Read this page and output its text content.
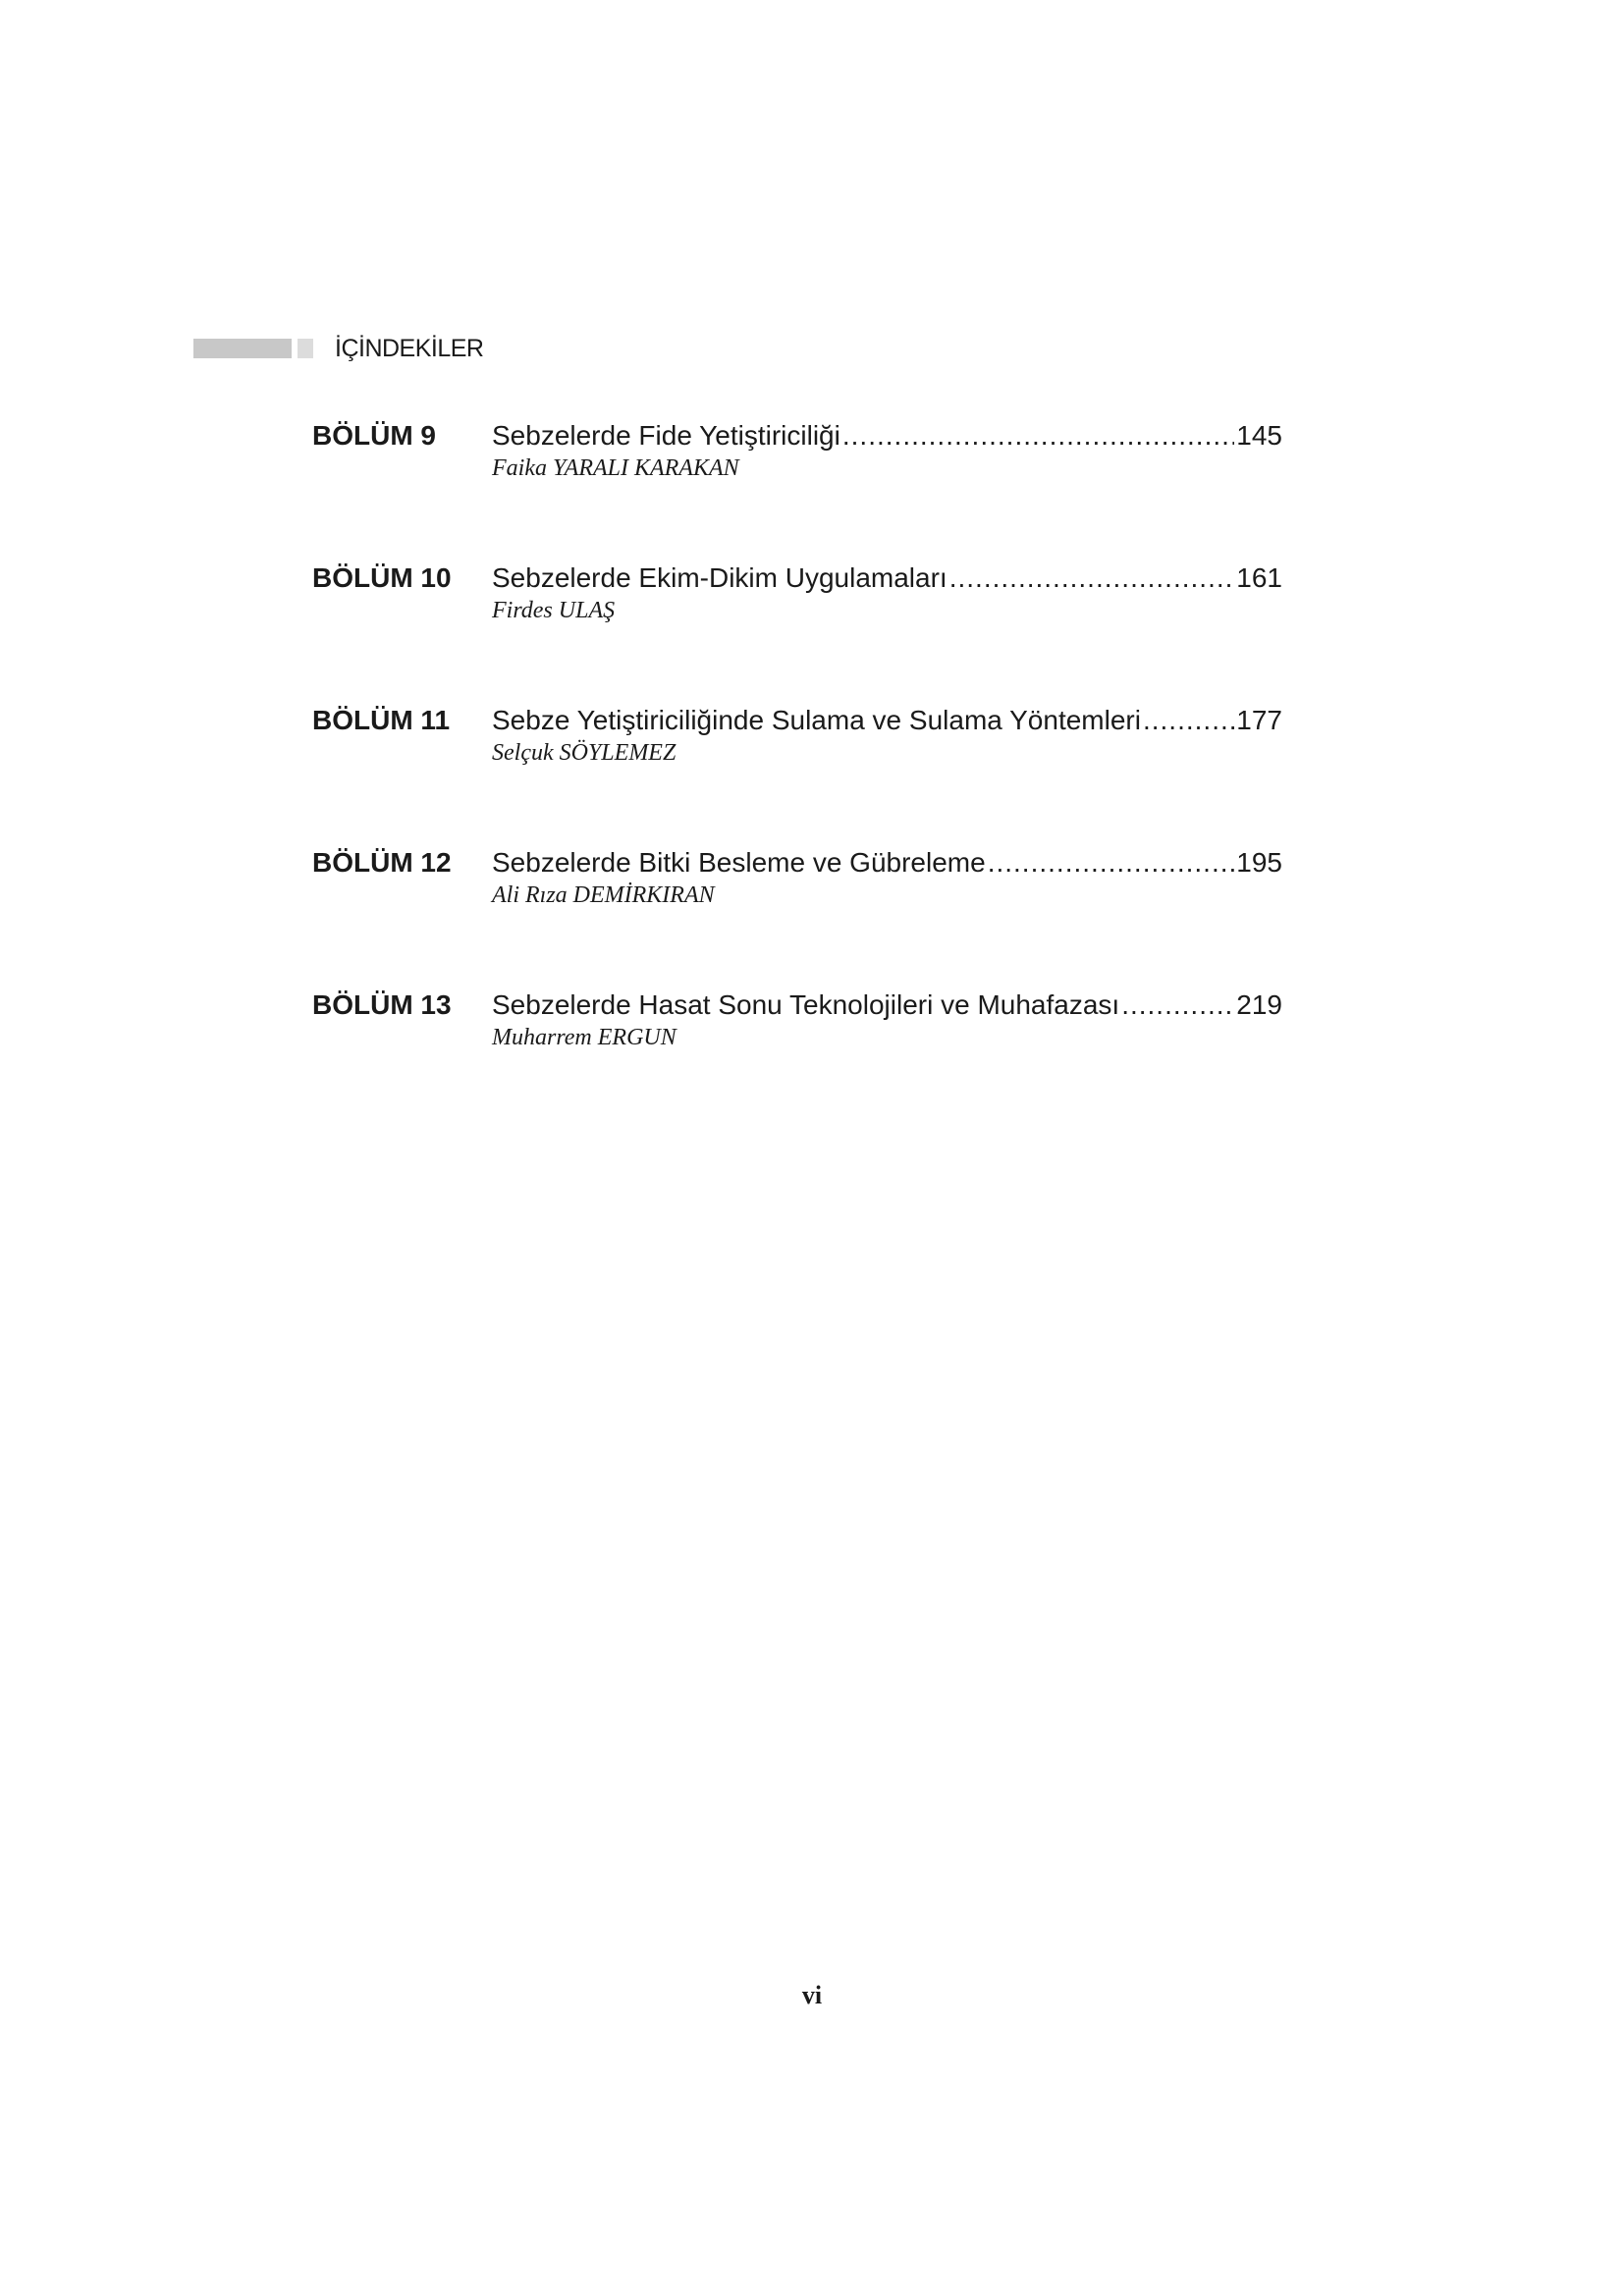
İÇİNDEKİLER
BÖLÜM 9 Sebzelerde Fide Yetiştiriciliği .....	145
Faika YARALI KARAKAN
BÖLÜM 10 Sebzelerde Ekim-Dikim Uygulamaları .....	161
Firdes ULAŞ
BÖLÜM 11 Sebze Yetiştiriciliğinde Sulama ve Sulama Yöntemleri .....	177
Selçuk SÖYLEMEZ
BÖLÜM 12 Sebzelerde Bitki Besleme ve Gübreleme .....	195
Ali Rıza DEMİRKIRAN
BÖLÜM 13 Sebzelerde Hasat Sonu Teknolojileri ve Muhafazası .....	219
Muharrem ERGUN
vi
